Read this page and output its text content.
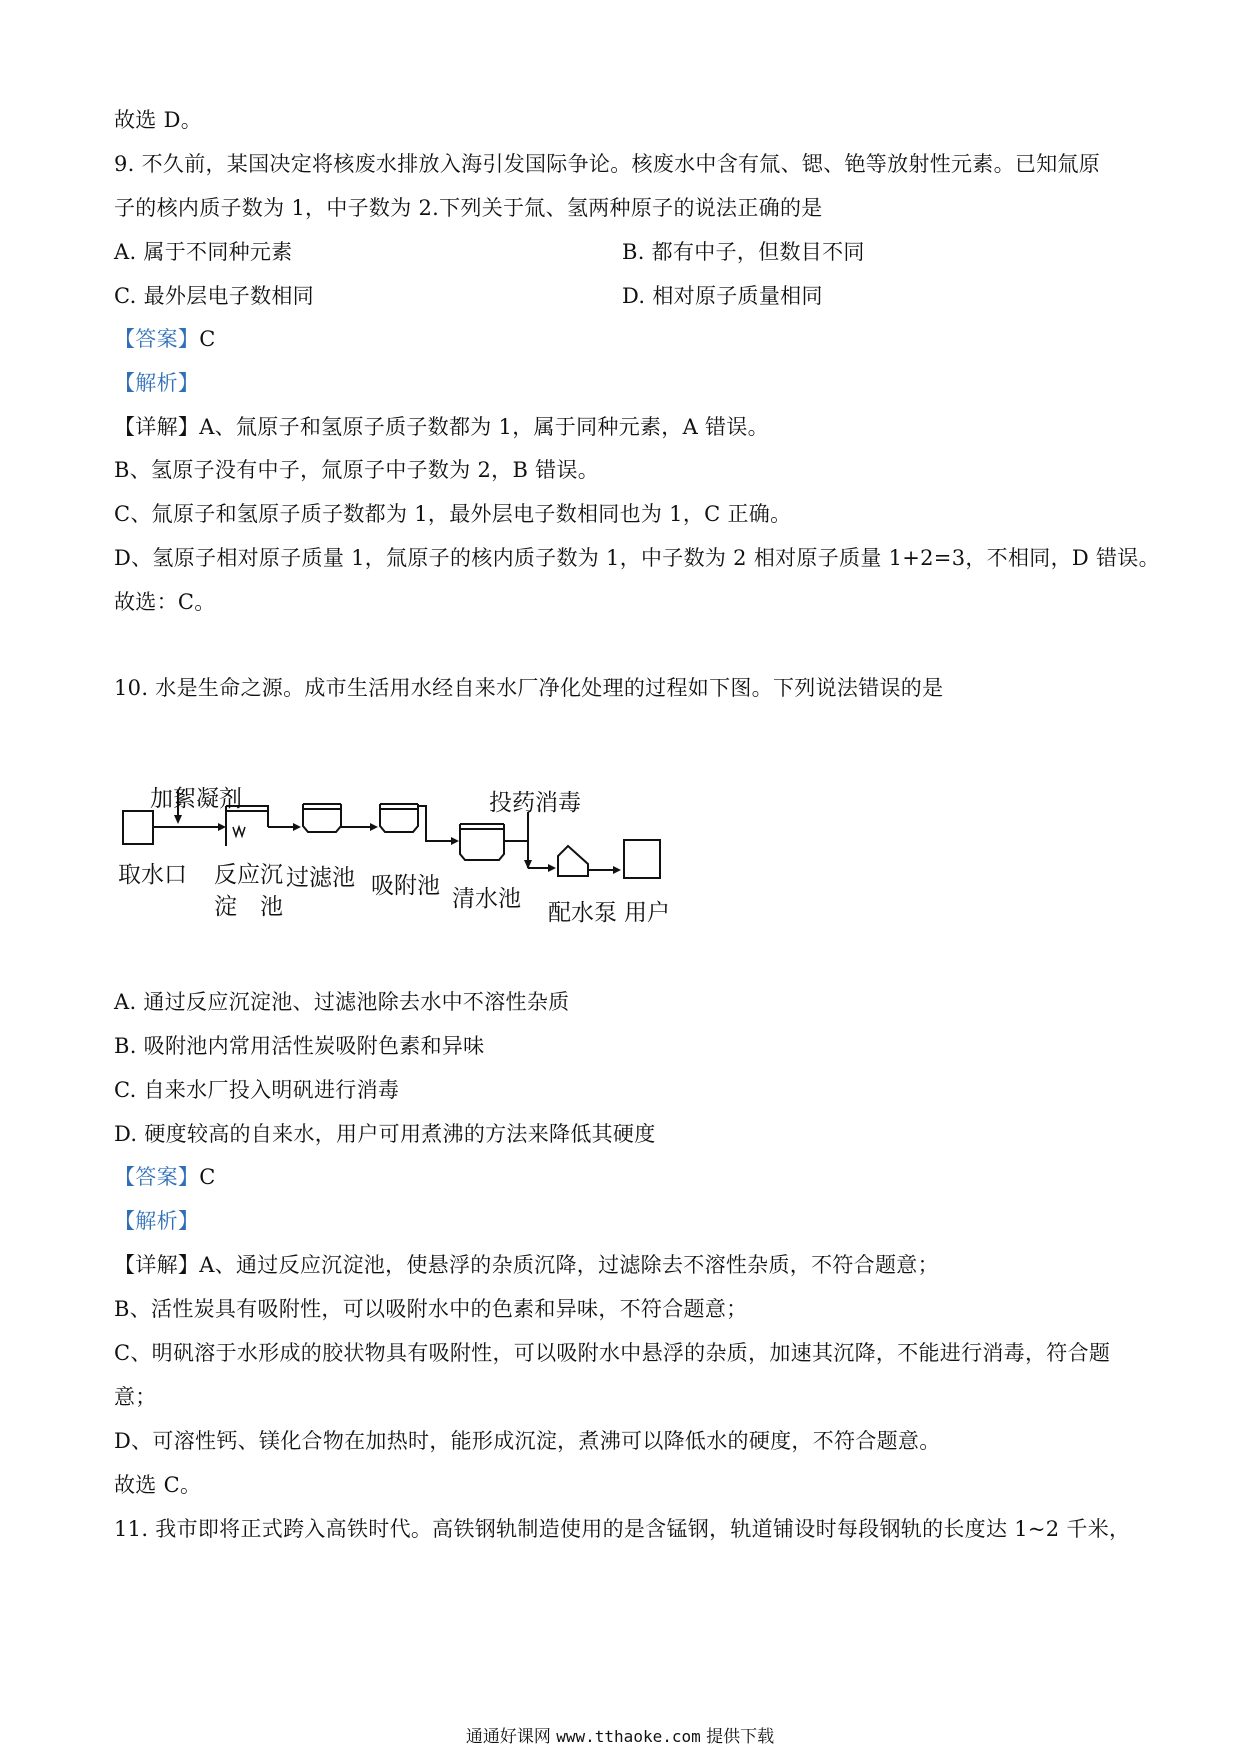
故选 D。
9. 不久前，某国决定将核废水排放入海引发国际争论。核废水中含有氚、锶、铯等放射性元素。已知氚原
子的核内质子数为 1，中子数为 2.下列关于氚、氢两种原子的说法正确的是
A. 属于不同种元素	B. 都有中子，但数目不同
C. 最外层电子数相同	D. 相对原子质量相同
【答案】C
【解析】
【详解】A、氚原子和氢原子质子数都为 1，属于同种元素，A 错误。
B、氢原子没有中子，氚原子中子数为 2，B 错误。
C、氚原子和氢原子质子数都为 1，最外层电子数相同也为 1，C 正确。
D、氢原子相对原子质量 1，氚原子的核内质子数为 1，中子数为 2 相对原子质量 1+2=3，不相同，D 错误。
故选：C。
10. 水是生命之源。成市生活用水经自来水厂净化处理的过程如下图。下列说法错误的是
加絮凝剂	投药消毒
取水口 反应沉
淀　池
过滤池 吸附池 清水池
配水泵 用户
A. 通过反应沉淀池、过滤池除去水中不溶性杂质
B. 吸附池内常用活性炭吸附色素和异味
C. 自来水厂投入明矾进行消毒
D. 硬度较高的自来水，用户可用煮沸的方法来降低其硬度
【答案】C
【解析】
【详解】A、通过反应沉淀池，使悬浮的杂质沉降，过滤除去不溶性杂质，不符合题意；
B、活性炭具有吸附性，可以吸附水中的色素和异味，不符合题意；
C、明矾溶于水形成的胶状物具有吸附性，可以吸附水中悬浮的杂质，加速其沉降，不能进行消毒，符合题
意；
D、可溶性钙、镁化合物在加热时，能形成沉淀，煮沸可以降低水的硬度，不符合题意。
故选 C。
11. 我市即将正式跨入高铁时代。高铁钢轨制造使用的是含锰钢，轨道铺设时每段钢轨的长度达 1~2 千米，
通通好课网 www.tthaoke.com 提供下载
